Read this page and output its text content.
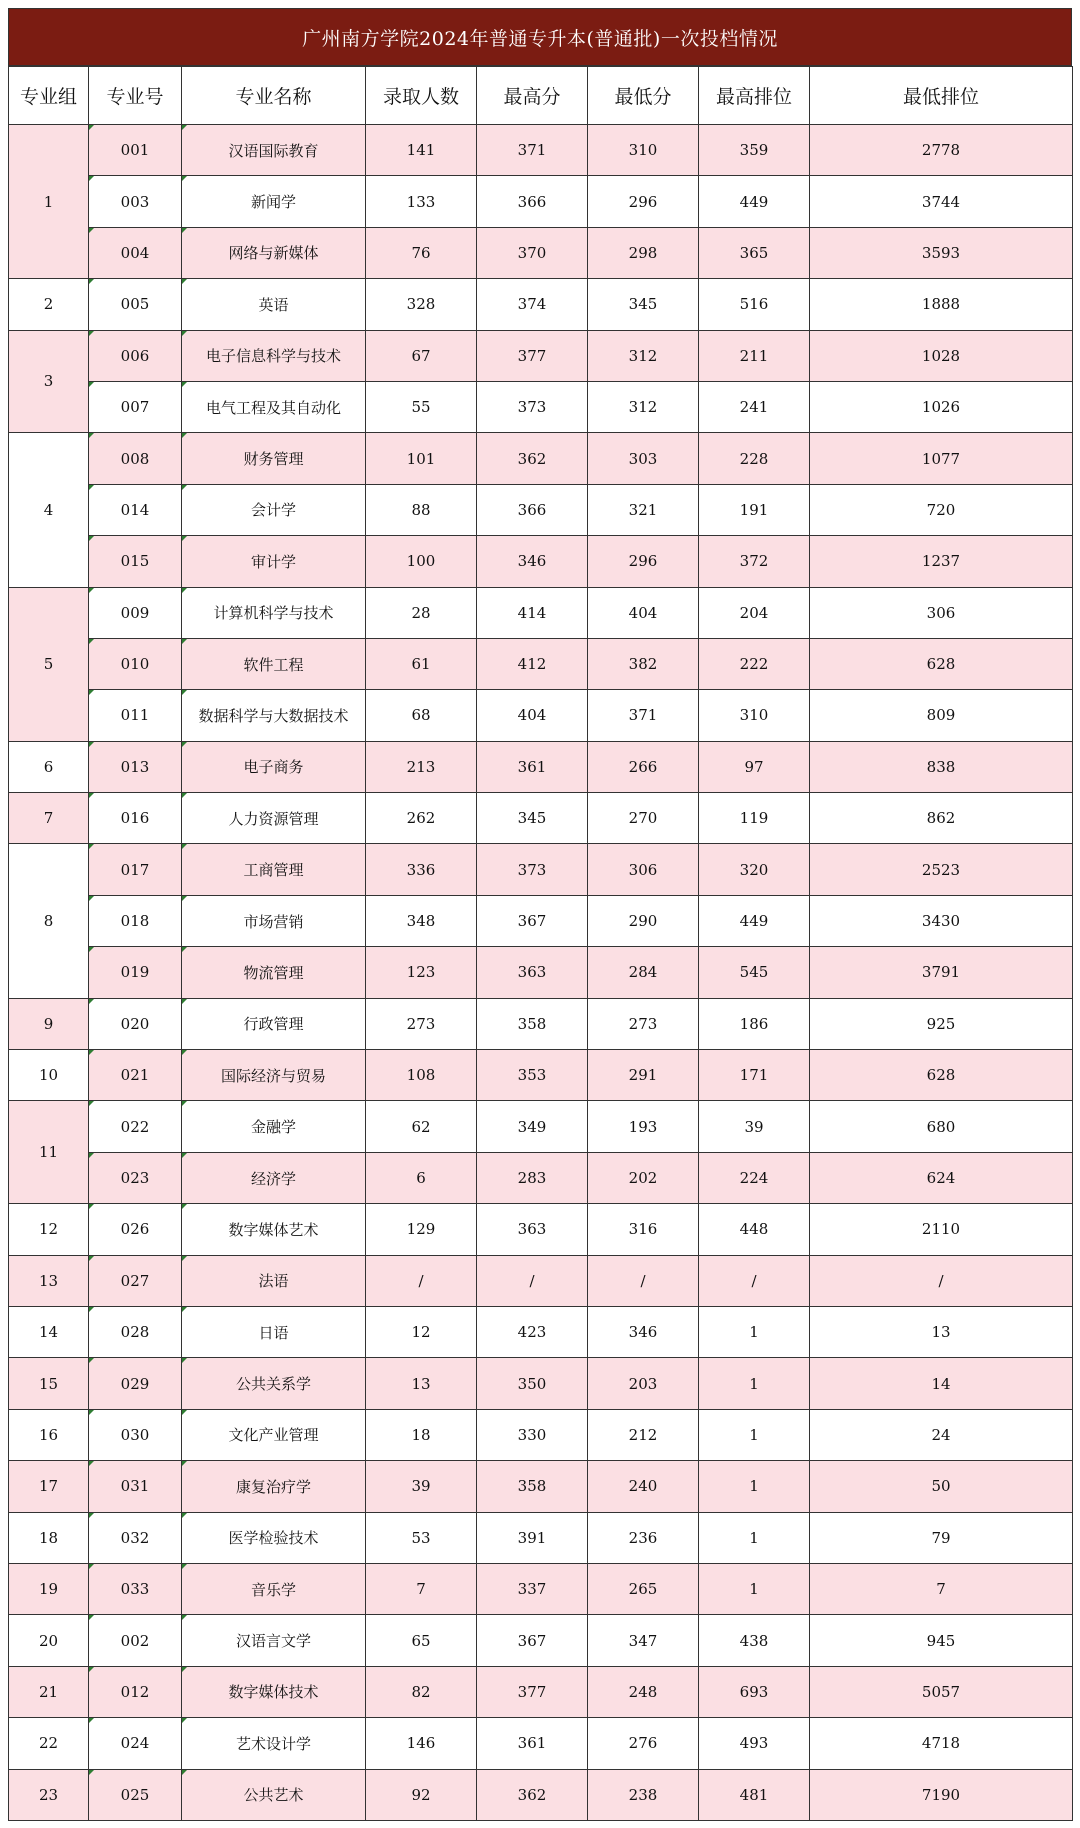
广州南方学院2024年普通专升本(普通批)一次投档情况
专业组	专业号	专业名称	录取人数	最高分	最低分	最高排位	最低排位
1	001	汉语国际教育	141	371	310	359	2778
	003	新闻学	133	366	296	449	3744
	004	网络与新媒体	76	370	298	365	3593
2	005	英语	328	374	345	516	1888
3	006	电子信息科学与技术	67	377	312	211	1028
	007	电气工程及其自动化	55	373	312	241	1026
4	008	财务管理	101	362	303	228	1077
	014	会计学	88	366	321	191	720
	015	审计学	100	346	296	372	1237
5	009	计算机科学与技术	28	414	404	204	306
	010	软件工程	61	412	382	222	628
	011	数据科学与大数据技术	68	404	371	310	809
6	013	电子商务	213	361	266	97	838
7	016	人力资源管理	262	345	270	119	862
8	017	工商管理	336	373	306	320	2523
	018	市场营销	348	367	290	449	3430
	019	物流管理	123	363	284	545	3791
9	020	行政管理	273	358	273	186	925
10	021	国际经济与贸易	108	353	291	171	628
11	022	金融学	62	349	193	39	680
	023	经济学	6	283	202	224	624
12	026	数字媒体艺术	129	363	316	448	2110
13	027	法语	/	/	/	/	/
14	028	日语	12	423	346	1	13
15	029	公共关系学	13	350	203	1	14
16	030	文化产业管理	18	330	212	1	24
17	031	康复治疗学	39	358	240	1	50
18	032	医学检验技术	53	391	236	1	79
19	033	音乐学	7	337	265	1	7
20	002	汉语言文学	65	367	347	438	945
21	012	数字媒体技术	82	377	248	693	5057
22	024	艺术设计学	146	361	276	493	4718
23	025	公共艺术	92	362	238	481	7190
